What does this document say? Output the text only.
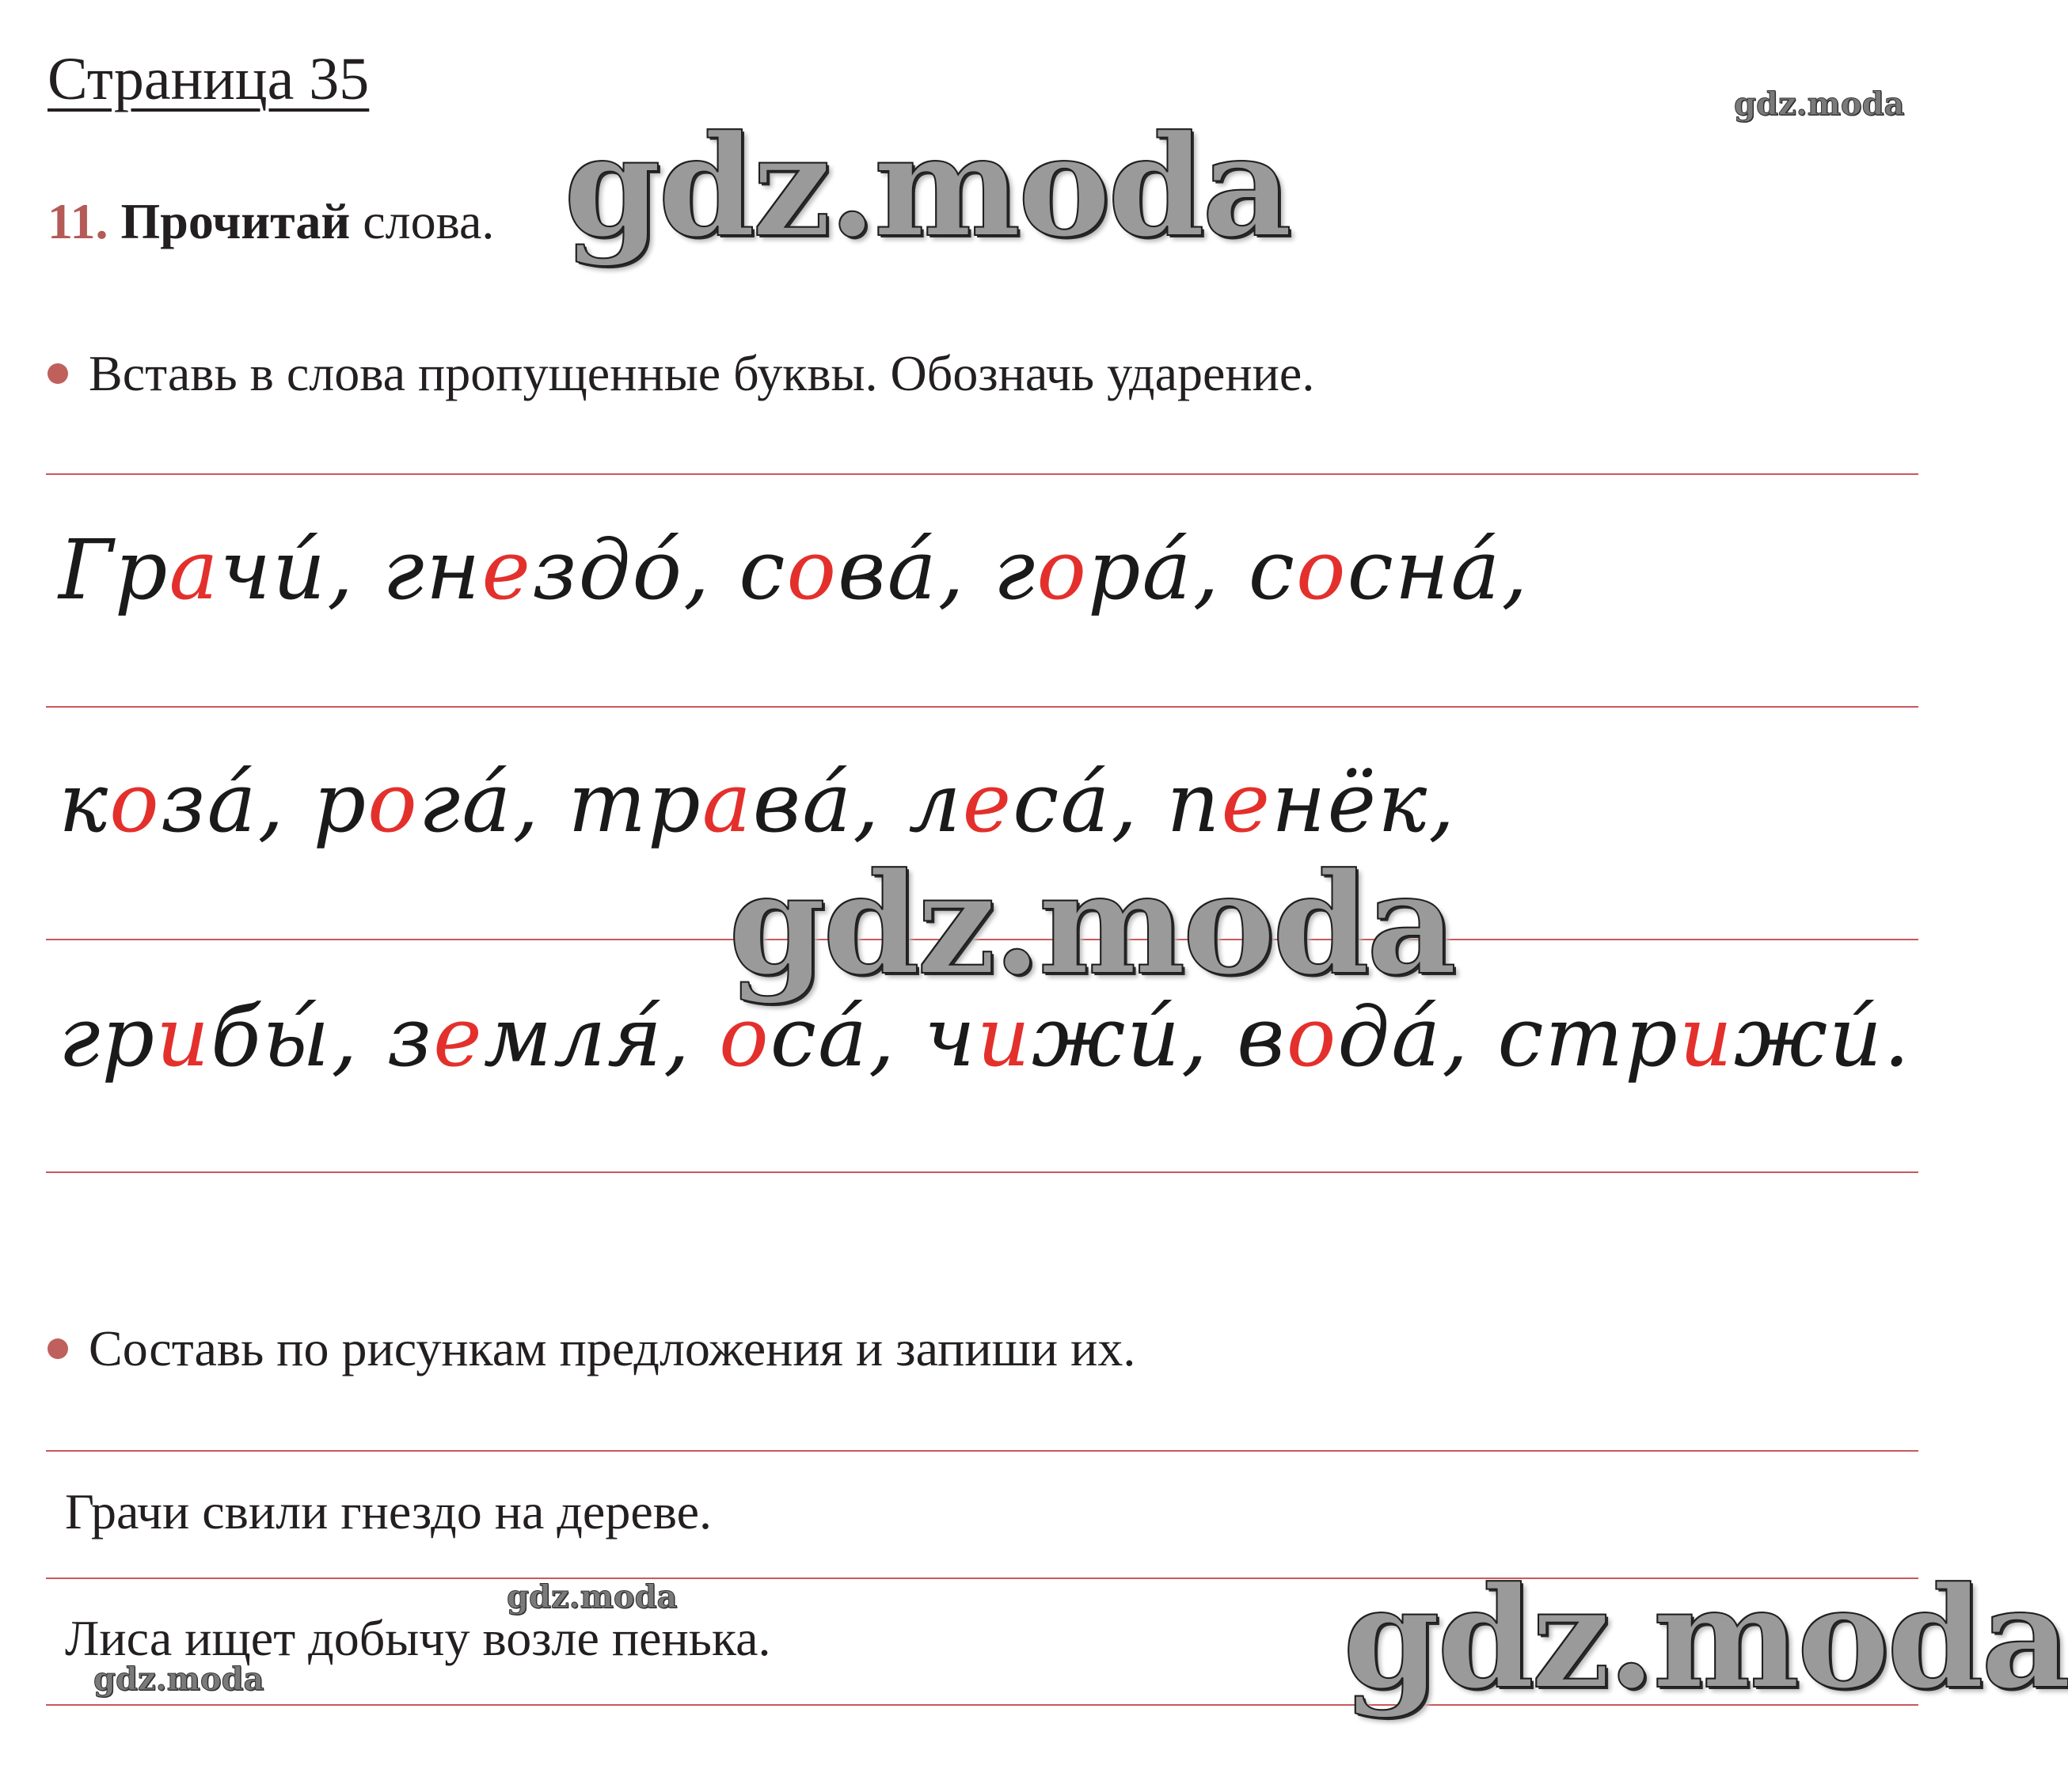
Страница 35
11. Прочитай слова.
Вставь в слова пропущенные буквы. Обозначь ударение.
Грачи́, гнездо́, сова́, гора́, сосна́,
коза́, рога́, трава́, леса́, пенёк,
грибы́, земля́, оса́, чижи́, вода́, стрижи́.
Составь по рисункам предложения и запиши их.
Грачи свили гнездо на дереве.
Лиса ищет добычу возле пенька.
gdz.moda
gdz.moda
gdz.moda
gdz.moda
gdz.moda	gdz.moda
